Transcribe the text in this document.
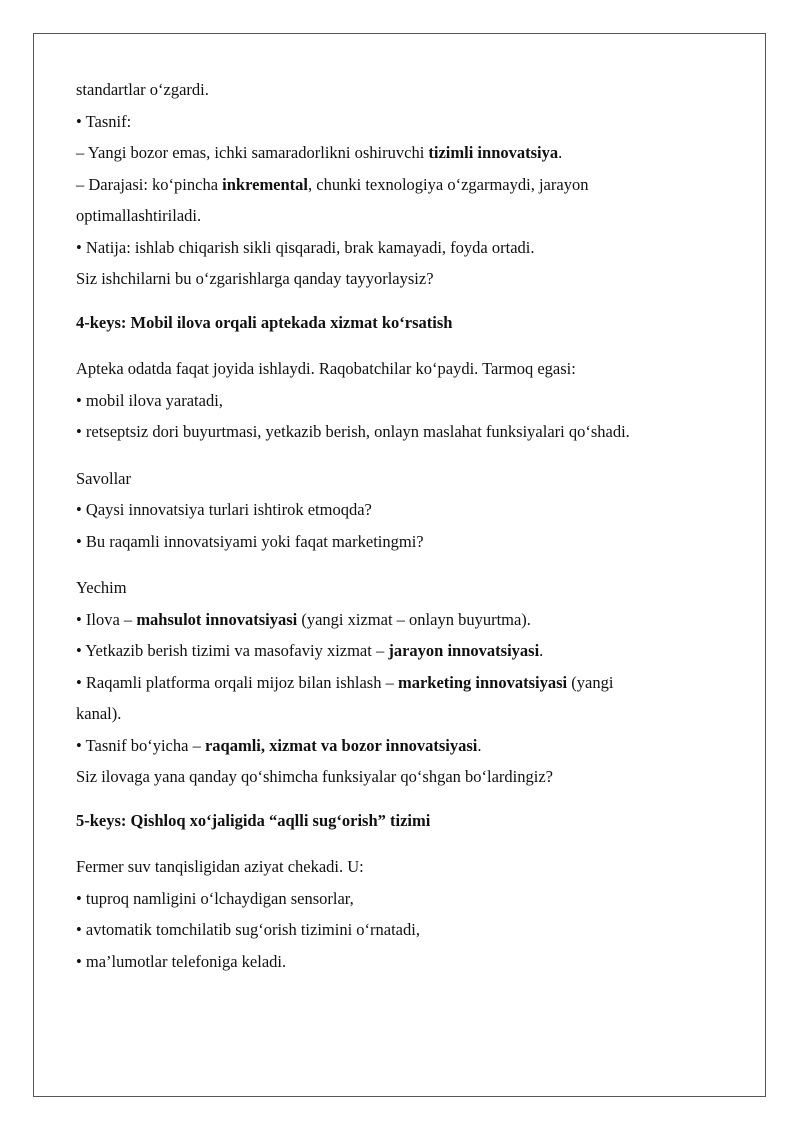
standartlar o‘zgardi.
• Tasnif:
– Yangi bozor emas, ichki samaradorlikni oshiruvchi tizimli innovatsiya.
– Darajasi: ko‘pincha inkremental, chunki texnologiya o‘zgarmaydi, jarayon
optimallashtiriladi.
• Natija: ishlab chiqarish sikli qisqaradi, brak kamayadi, foyda ortadi.
Siz ishchilarni bu o‘zgarishlarga qanday tayyorlaysiz?
4-keys: Mobil ilova orqali aptekada xizmat ko‘rsatish
Apteka odatda faqat joyida ishlaydi. Raqobatchilar ko‘paydi. Tarmoq egasi:
• mobil ilova yaratadi,
• retseptsiz dori buyurtmasi, yetkazib berish, onlayn maslahat funksiyalari qo‘shadi.
Savollar
• Qaysi innovatsiya turlari ishtirok etmoqda?
• Bu raqamli innovatsiyami yoki faqat marketingmi?
Yechim
• Ilova – mahsulot innovatsiyasi (yangi xizmat – onlayn buyurtma).
• Yetkazib berish tizimi va masofaviy xizmat – jarayon innovatsiyasi.
• Raqamli platforma orqali mijoz bilan ishlash – marketing innovatsiyasi (yangi
kanal).
• Tasnif bo‘yicha – raqamli, xizmat va bozor innovatsiyasi.
Siz ilovaga yana qanday qo‘shimcha funksiyalar qo‘shgan bo‘lardingiz?
5-keys: Qishloq xo‘jaligida “aqlli sug‘orish” tizimi
Fermer suv tanqisligidan aziyat chekadi. U:
• tuproq namligini o‘lchaydigan sensorlar,
• avtomatik tomchilatib sug‘orish tizimini o‘rnatadi,
• ma’lumotlar telefoniga keladi.
